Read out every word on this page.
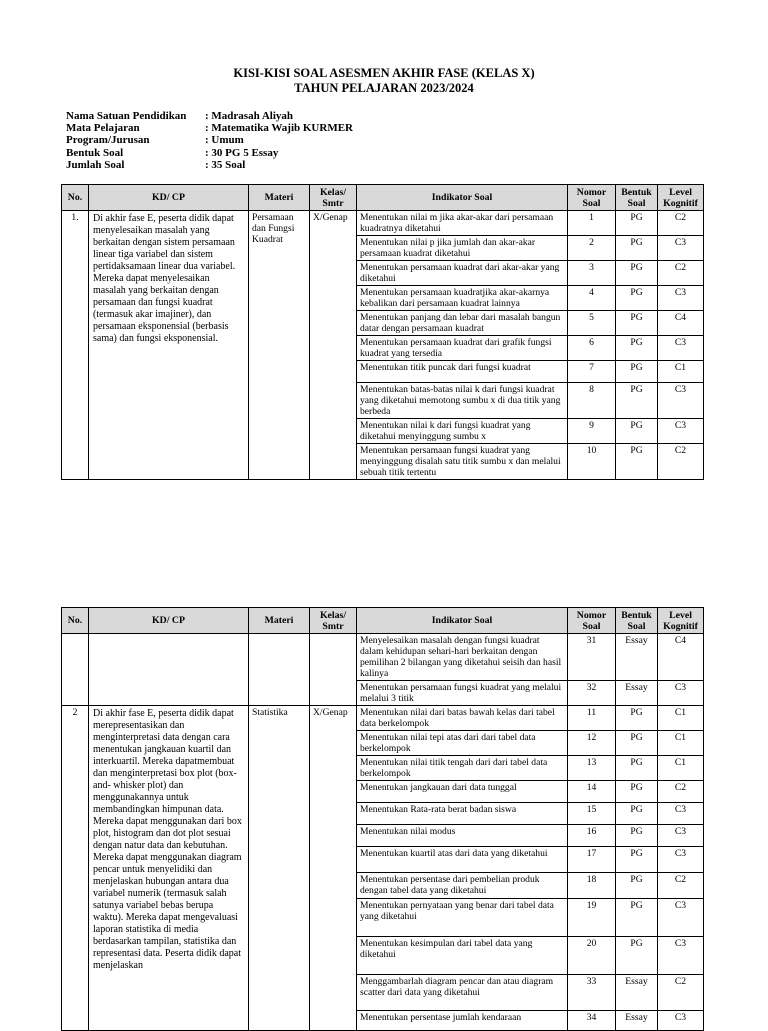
KISI-KISI SOAL ASESMEN AKHIR FASE (KELAS X)
TAHUN PELAJARAN 2023/2024
Nama Satuan Pendidikan	: Madrasah Aliyah
Mata Pelajaran	: Matematika Wajib KURMER
Program/Jurusan	: Umum
Bentuk Soal	: 30 PG 5 Essay
Jumlah Soal	: 35 Soal
No.	KD/ CP	Materi	Kelas/ Smtr	Indikator Soal	Nomor Soal	Bentuk Soal	Level Kognitif
1.	Di akhir fase E, peserta didik dapat menyelesaikan masalah yang berkaitan dengan sistem persamaan linear tiga variabel dan sistem pertidaksamaan linear dua variabel. Mereka dapat menyelesaikan masalah yang berkaitan dengan persamaan dan fungsi kuadrat (termasuk akar imajiner), dan persamaan eksponensial (berbasis sama) dan fungsi eksponensial.	Persamaan dan Fungsi Kuadrat	X/Genap	Menentukan nilai m jika akar-akar dari persamaan kuadratnya diketahui	1	PG	C2
				Menentukan nilai p jika jumlah dan akar-akar persamaan kuadrat diketahui	2	PG	C3
				Menentukan persamaan kuadrat dari akar-akar yang diketahui	3	PG	C2
				Menentukan persamaan kuadratjika akar-akarnya kebalikan dari persamaan kuadrat lainnya	4	PG	C3
				Menentukan panjang dan lebar dari masalah bangun datar dengan persamaan kuadrat	5	PG	C4
				Menentukan persamaan kuadrat dari grafik fungsi kuadrat yang tersedia	6	PG	C3
				Menentukan titik puncak dari fungsi kuadrat	7	PG	C1
				Menentukan batas-batas nilai k dari fungsi kuadrat yang diketahui memotong sumbu x di dua titik yang berbeda	8	PG	C3
				Menentukan nilai k dari fungsi kuadrat yang diketahui menyinggung sumbu x	9	PG	C3
				Menentukan persamaan fungsi kuadrat yang menyinggung disalah satu titik sumbu x dan melalui sebuah titik tertentu	10	PG	C2
No.	KD/ CP	Materi	Kelas/ Smtr	Indikator Soal	Nomor Soal	Bentuk Soal	Level Kognitif
				Menyelesaikan masalah dengan fungsi kuadrat dalam kehidupan sehari-hari berkaitan dengan pemilihan 2 bilangan yang diketahui seisih dan hasil kalinya	31	Essay	C4
				Menentukan persamaan fungsi kuadrat yang melalui melalui 3 titik	32	Essay	C3
2	Di akhir fase E, peserta didik dapat merepresentasikan dan menginterpretasi data dengan cara menentukan jangkauan kuartil dan interkuartil. Mereka dapatmembuat dan menginterpretasi box plot (box-and- whisker plot) dan menggunakannya untuk membandingkan himpunan data. Mereka dapat menggunakan dari box plot, histogram dan dot plot sesuai dengan natur data dan kebutuhan. Mereka dapat menggunakan diagram pencar untuk menyelidiki dan menjelaskan hubungan antara dua variabel numerik (termasuk salah satunya variabel bebas berupa waktu). Mereka dapat mengevaluasi laporan statistika di media berdasarkan tampilan, statistika dan representasi data. Peserta didik dapat menjelaskan	Statistika	X/Genap	Menentukan nilai dari batas bawah kelas dari tabel data berkelompok	11	PG	C1
				Menentukan nilai tepi atas dari dari tabel data berkelompok	12	PG	C1
				Menentukan nilai titik tengah dari dari tabel data berkelompok	13	PG	C1
				Menentukan jangkauan dari data tunggal	14	PG	C2
				Menentukan Rata-rata berat badan siswa	15	PG	C3
				Menentukan nilai modus	16	PG	C3
				Menentukan kuartil atas dari data yang diketahui	17	PG	C3
				Menentukan persentase dari pembelian produk dengan tabel data yang diketahui	18	PG	C2
				Menentukan pernyataan yang benar dari tabel data yang diketahui	19	PG	C3
				Menentukan kesimpulan dari tabel data yang diketahui	20	PG	C3
				Menggambarlah diagram pencar dan atau diagram scatter dari data yang diketahui	33	Essay	C2
				Menentukan persentase jumlah kendaraan	34	Essay	C3
